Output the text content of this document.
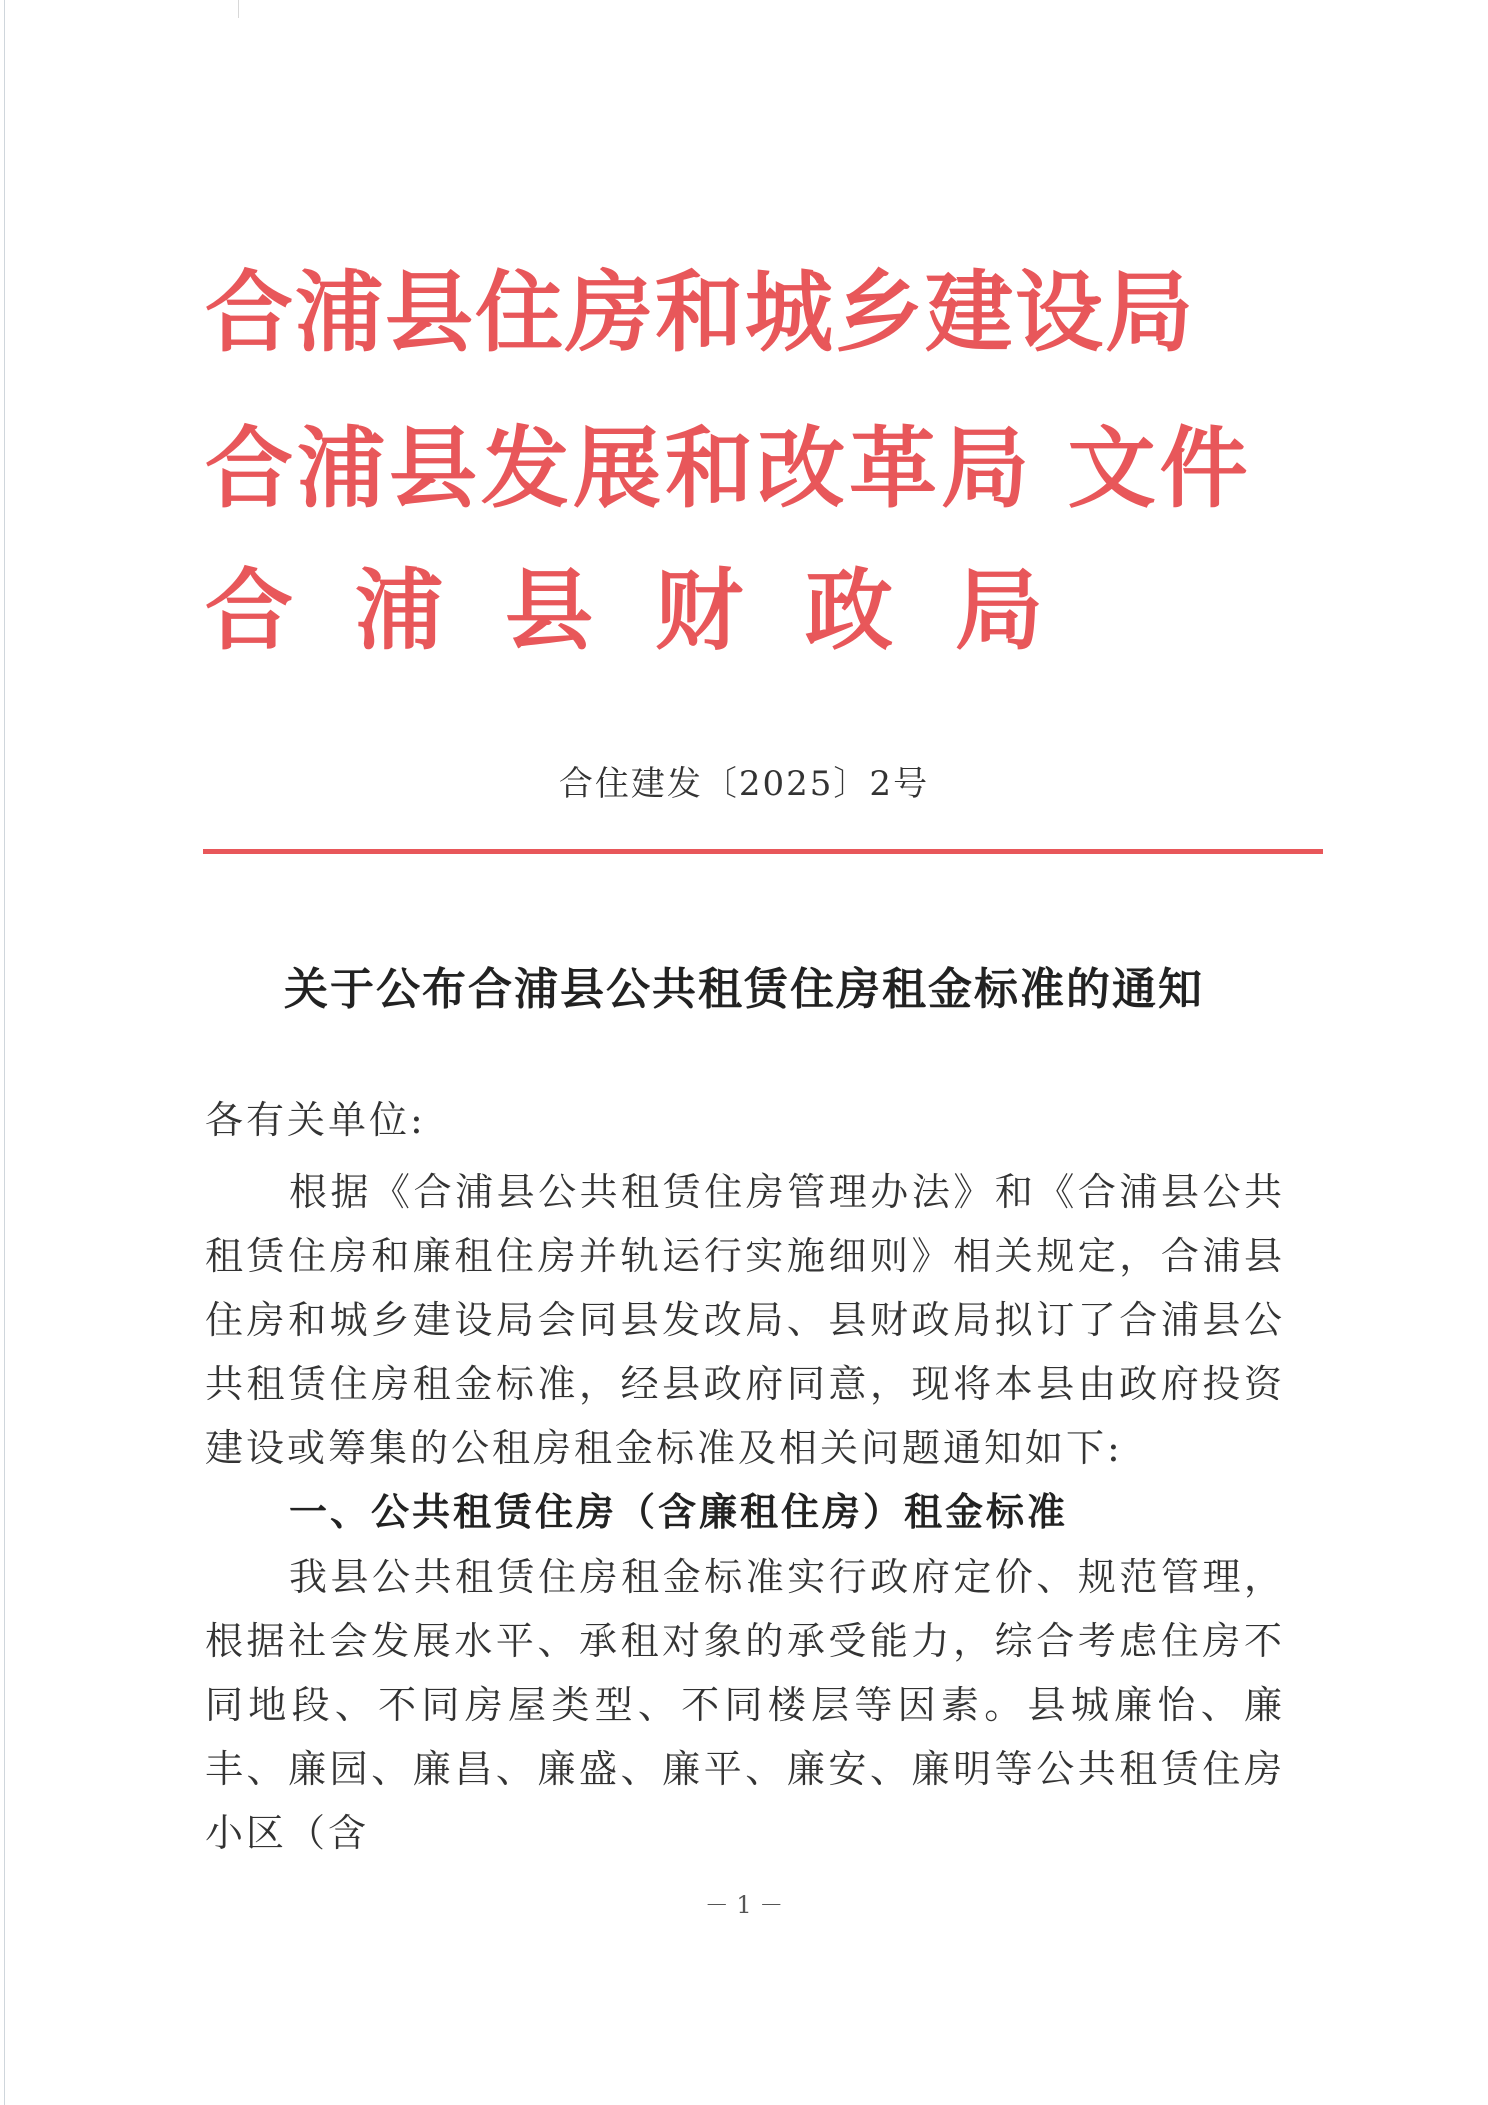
合浦县住房和城乡建设局
合浦县发展和改革局 文件
合浦县财政局
合住建发〔2025〕2号
关于公布合浦县公共租赁住房租金标准的通知
各有关单位:
根据《合浦县公共租赁住房管理办法》和《合浦县公共租赁住房和廉租住房并轨运行实施细则》相关规定，合浦县住房和城乡建设局会同县发改局、县财政局拟订了合浦县公共租赁住房租金标准，经县政府同意，现将本县由政府投资建设或筹集的公租房租金标准及相关问题通知如下:
一、公共租赁住房（含廉租住房）租金标准
我县公共租赁住房租金标准实行政府定价、规范管理，根据社会发展水平、承租对象的承受能力，综合考虑住房不同地段、不同房屋类型、不同楼层等因素。县城廉怡、廉丰、廉园、廉昌、廉盛、廉平、廉安、廉明等公共租赁住房小区（含
－ 1 －
